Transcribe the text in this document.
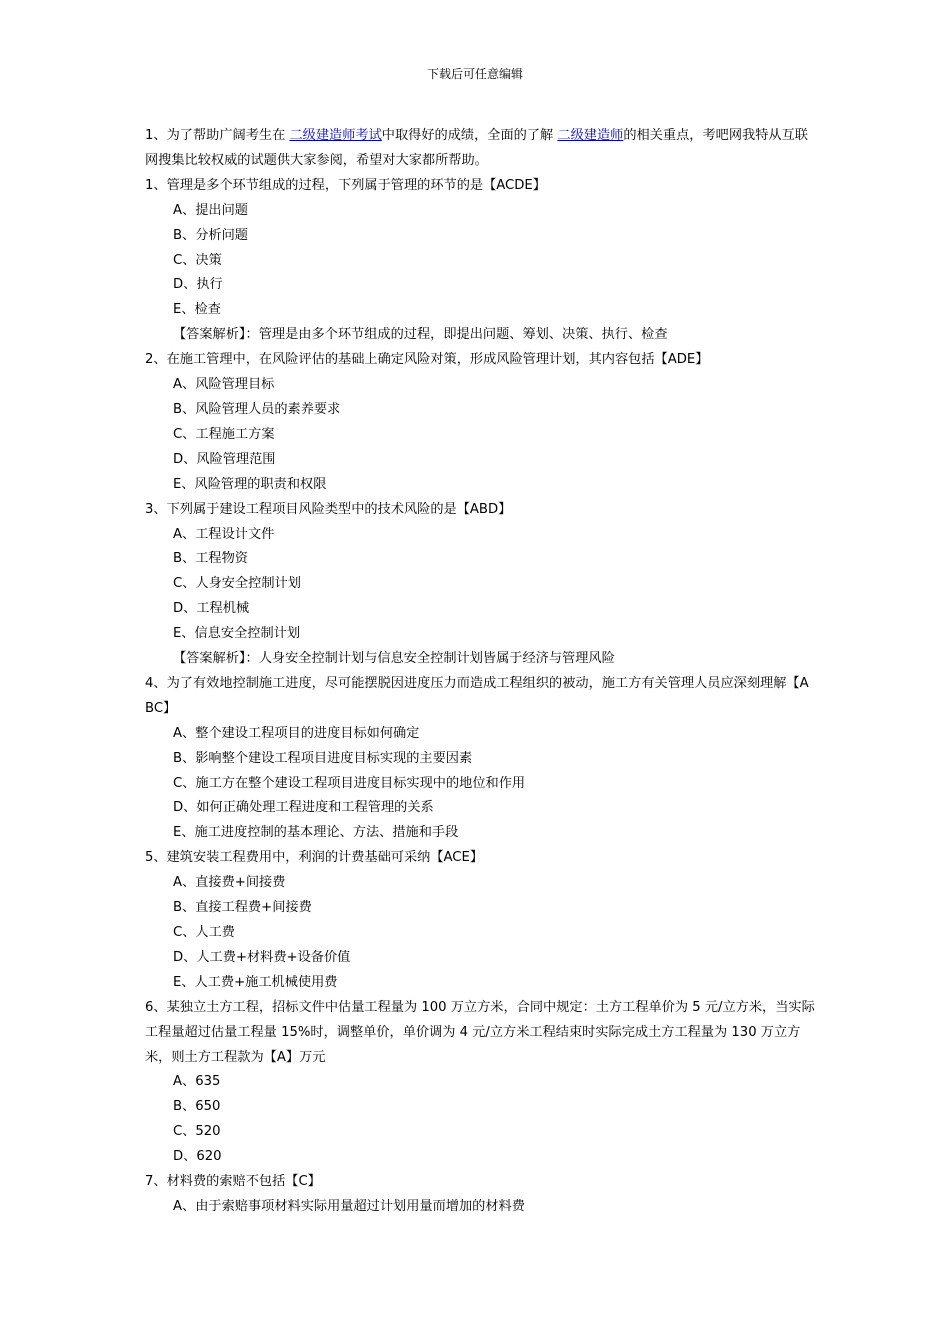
下载后可任意编辑
1、为了帮助广阔考生在 二级建造师考试中取得好的成绩，全面的了解 二级建造师的相关重点，考吧网我特从互联网搜集比较权威的试题供大家参阅，希望对大家都所帮助。
1、管理是多个环节组成的过程，下列属于管理的环节的是【ACDE】
A、提出问题
B、分析问题
C、决策
D、执行
E、检查
【答案解析】：管理是由多个环节组成的过程，即提出问题、筹划、决策、执行、检查
2、在施工管理中，在风险评估的基础上确定风险对策，形成风险管理计划，其内容包括【ADE】
A、风险管理目标
B、风险管理人员的素养要求
C、工程施工方案
D、风险管理范围
E、风险管理的职责和权限
3、下列属于建设工程项目风险类型中的技术风险的是【ABD】
A、工程设计文件
B、工程物资
C、人身安全控制计划
D、工程机械
E、信息安全控制计划
【答案解析】：人身安全控制计划与信息安全控制计划皆属于经济与管理风险
4、为了有效地控制施工进度，尽可能摆脱因进度压力而造成工程组织的被动，施工方有关管理人员应深刻理解【ABC】
A、整个建设工程项目的进度目标如何确定
B、影响整个建设工程项目进度目标实现的主要因素
C、施工方在整个建设工程项目进度目标实现中的地位和作用
D、如何正确处理工程进度和工程管理的关系
E、施工进度控制的基本理论、方法、措施和手段
5、建筑安装工程费用中，利润的计费基础可采纳【ACE】
A、直接费+间接费
B、直接工程费+间接费
C、人工费
D、人工费+材料费+设备价值
E、人工费+施工机械使用费
6、某独立土方工程，招标文件中估量工程量为 100 万立方米，合同中规定：土方工程单价为 5 元/立方米，当实际工程量超过估量工程量 15%时，调整单价，单价调为 4 元/立方米工程结束时实际完成土方工程量为 130 万立方米，则土方工程款为【A】万元
A、635
B、650
C、520
D、620
7、材料费的索赔不包括【C】
A、由于索赔事项材料实际用量超过计划用量而增加的材料费
